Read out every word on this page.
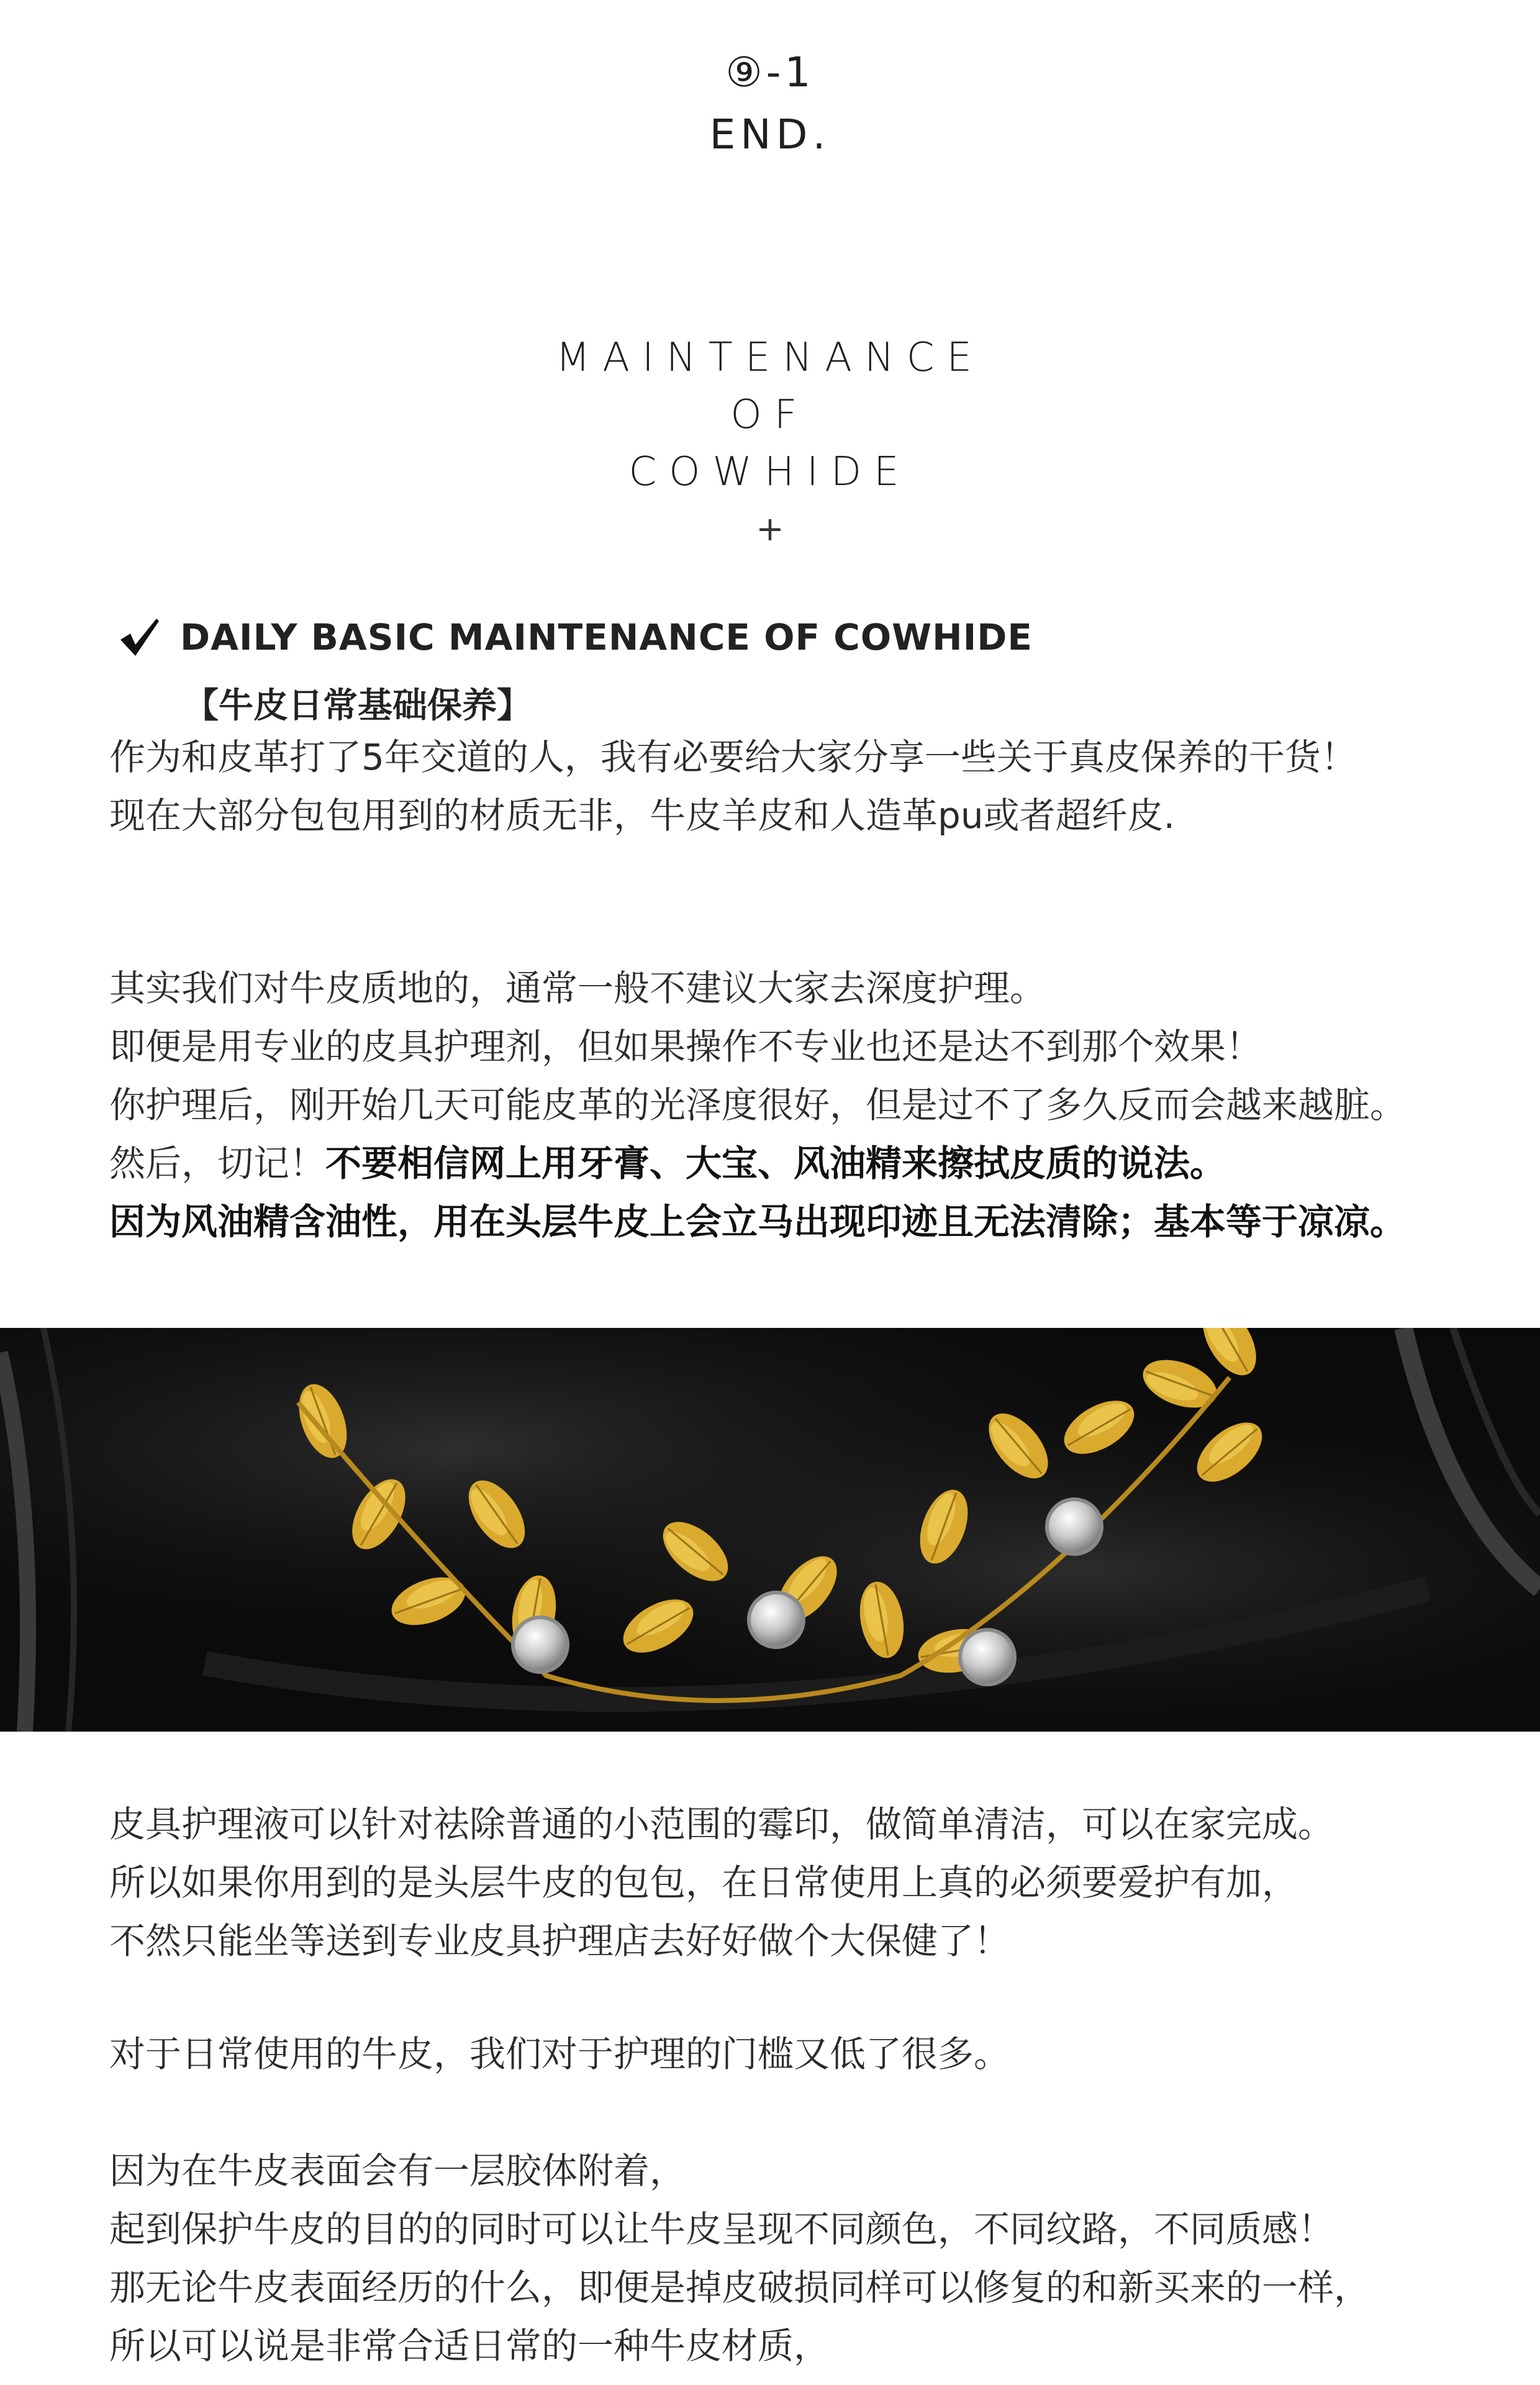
⑨-1
END.
MAINTENANCE
OF
COWHIDE
+
DAILY BASIC MAINTENANCE OF COWHIDE
【牛皮日常基础保养】
作为和皮革打了5年交道的人，我有必要给大家分享一些关于真皮保养的干货！
现在大部分包包用到的材质无非，牛皮羊皮和人造革pu或者超纤皮.
其实我们对牛皮质地的，通常一般不建议大家去深度护理。
即便是用专业的皮具护理剂，但如果操作不专业也还是达不到那个效果！
你护理后，刚开始几天可能皮革的光泽度很好，但是过不了多久反而会越来越脏。
然后，切记！不要相信网上用牙膏、大宝、风油精来擦拭皮质的说法。
因为风油精含油性，用在头层牛皮上会立马出现印迹且无法清除；基本等于凉凉。
皮具护理液可以针对祛除普通的小范围的霉印，做简单清洁，可以在家完成。
所以如果你用到的是头层牛皮的包包，在日常使用上真的必须要爱护有加，
不然只能坐等送到专业皮具护理店去好好做个大保健了！
对于日常使用的牛皮，我们对于护理的门槛又低了很多。
因为在牛皮表面会有一层胶体附着，
起到保护牛皮的目的的同时可以让牛皮呈现不同颜色，不同纹路，不同质感！
那无论牛皮表面经历的什么，即便是掉皮破损同样可以修复的和新买来的一样，
所以可以说是非常合适日常的一种牛皮材质，
